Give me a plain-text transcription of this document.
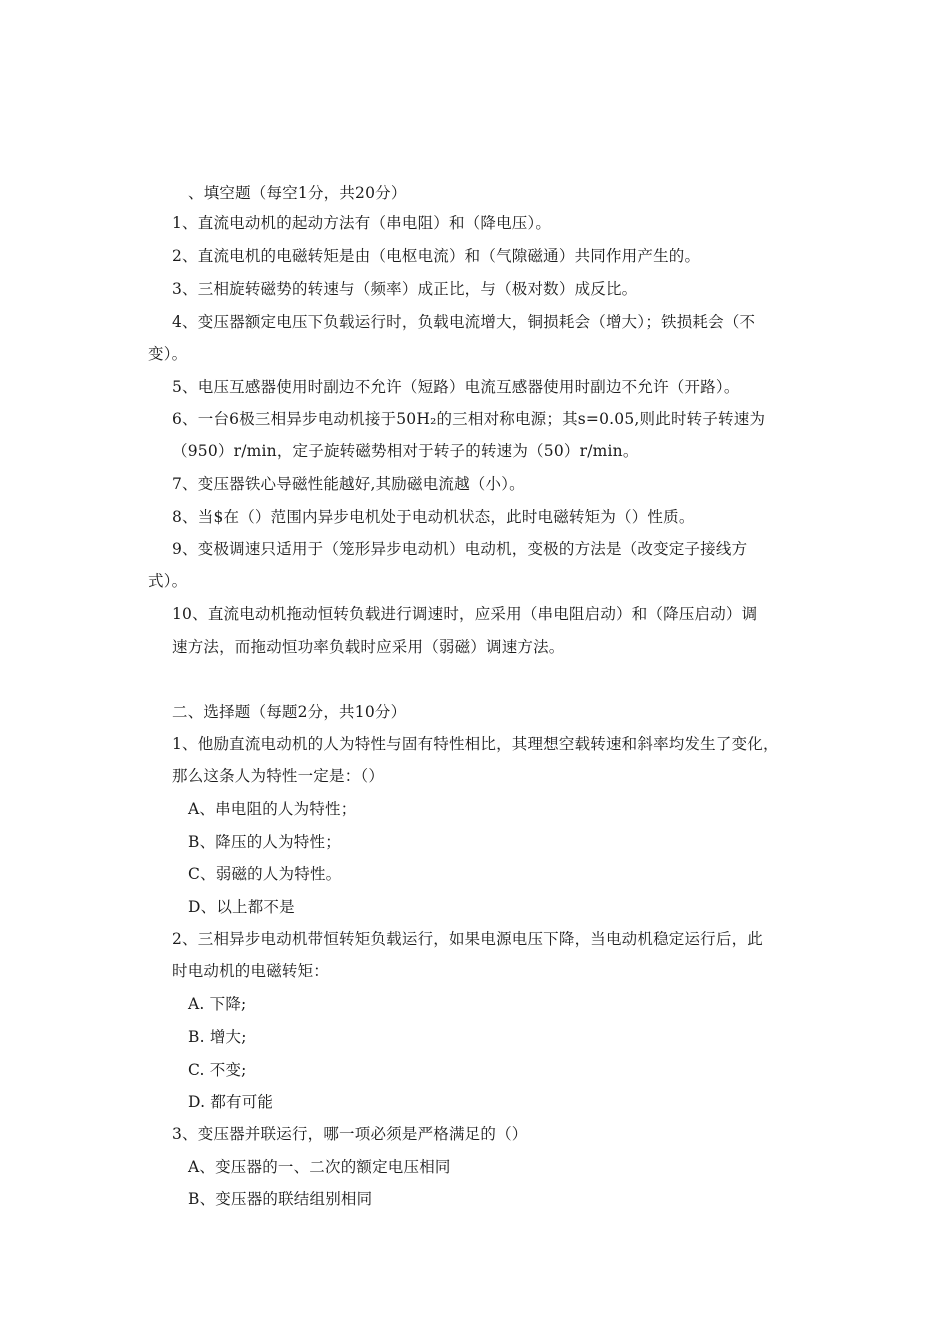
、填空题（每空1分，共20分）
1、直流电动机的起动方法有（串电阻）和（降电压）。
2、直流电机的电磁转矩是由（电枢电流）和（气隙磁通）共同作用产生的。
3、三相旋转磁势的转速与（频率）成正比，与（极对数）成反比。
4、变压器额定电压下负载运行时，负载电流增大，铜损耗会（增大）；铁损耗会（不
变）。
5、电压互感器使用时副边不允许（短路）电流互感器使用时副边不允许（开路）。
6、一台6极三相异步电动机接于50H₂的三相对称电源；其s=0.05,则此时转子转速为
（950）r/min，定子旋转磁势相对于转子的转速为（50）r/min。
7、变压器铁心导磁性能越好,其励磁电流越（小）。
8、当$在（）范围内异步电机处于电动机状态，此时电磁转矩为（）性质。
9、变极调速只适用于（笼形异步电动机）电动机，变极的方法是（改变定子接线方
式）。
10、直流电动机拖动恒转负载进行调速时，应采用（串电阻启动）和（降压启动）调
速方法，而拖动恒功率负载时应采用（弱磁）调速方法。
二、选择题（每题2分，共10分）
1、他励直流电动机的人为特性与固有特性相比，其理想空载转速和斜率均发生了变化，
那么这条人为特性一定是：（）
A、串电阻的人为特性；
B、降压的人为特性；
C、弱磁的人为特性。
D、以上都不是
2、三相异步电动机带恒转矩负载运行，如果电源电压下降，当电动机稳定运行后，此
时电动机的电磁转矩：
A. 下降;
B. 增大;
C. 不变;
D. 都有可能
3、变压器并联运行，哪一项必须是严格满足的（）
A、变压器的一、二次的额定电压相同
B、变压器的联结组别相同
